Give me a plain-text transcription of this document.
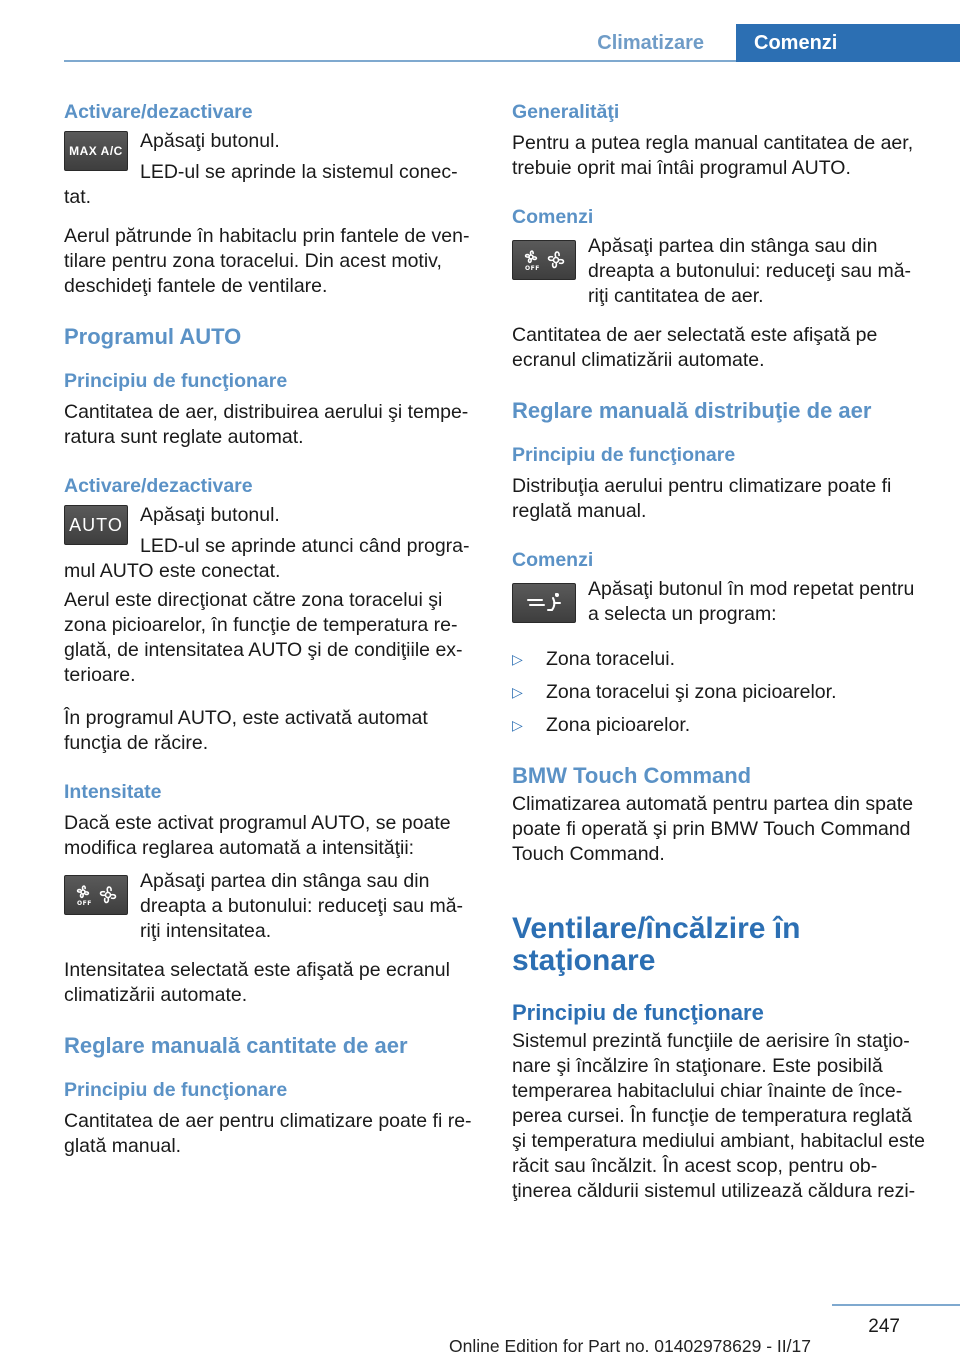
Climatizare	Comenzi
Activare/dezactivare
MAX A/C Apăsaţi butonul.

LED-ul se aprinde la sistemul conec-tat.

Aerul pătrunde în habitaclu prin fantele de ven-tilare pentru zona toracelui. Din acest motiv, deschideţi fantele de ventilare.

Programul AUTO
Principiu de funcţionare

Cantitatea de aer, distribuirea aerului şi tempe-ratura sunt reglate automat.

Activare/dezactivare
AUTO Apăsaţi butonul.

LED-ul se aprinde atunci când progra-mul AUTO este conectat.

Aerul este direcţionat către zona toracelui şi zona picioarelor, în funcţie de temperatura re-glată, de intensitatea AUTO şi de condiţiile ex-terioare.

În programul AUTO, este activată automat funcţia de răcire.

Intensitate

Dacă este activat programul AUTO, se poate modifica reglarea automată a intensităţii:

OFF

Apăsaţi partea din stânga sau din dreapta a butonului: reduceţi sau mă-riţi intensitatea.

Intensitatea selectată este afişată pe ecranul climatizării automate.

Reglare manuală cantitate de aer
Principiu de funcţionare

Cantitatea de aer pentru climatizare poate fi re-glată manual.

Generalităţi

Pentru a putea regla manual cantitatea de aer, trebuie oprit mai întâi programul AUTO.

Comenzi
OFF

Apăsaţi partea din stânga sau din dreapta a butonului: reduceţi sau mă-riţi cantitatea de aer.

Cantitatea de aer selectată este afişată pe ecranul climatizării automate.

Reglare manuală distribuţie de aer
Principiu de funcţionare

Distribuţia aerului pentru climatizare poate fi reglată manual.

Comenzi

Apăsaţi butonul în mod repetat pentru a selecta un program:

▷ Zona toracelui.

▷ Zona toracelui şi zona picioarelor.

▷ Zona picioarelor.

BMW Touch Command

Climatizarea automată pentru partea din spate poate fi operată şi prin BMW Touch Command Touch Command.

Ventilare/încălzire în staţionare
Principiu de funcţionare

Sistemul prezintă funcţiile de aerisire în staţio-nare şi încălzire în staţionare. Este posibilă temperarea habitaclului chiar înainte de înce-perea cursei. În funcţie de temperatura reglată şi temperatura mediului ambiant, habitaclul este răcit sau încălzit. În acest scop, pentru ob-ţinerea căldurii sistemul utilizează căldura rezi-

247
Online Edition for Part no. 01402978629 - II/17
